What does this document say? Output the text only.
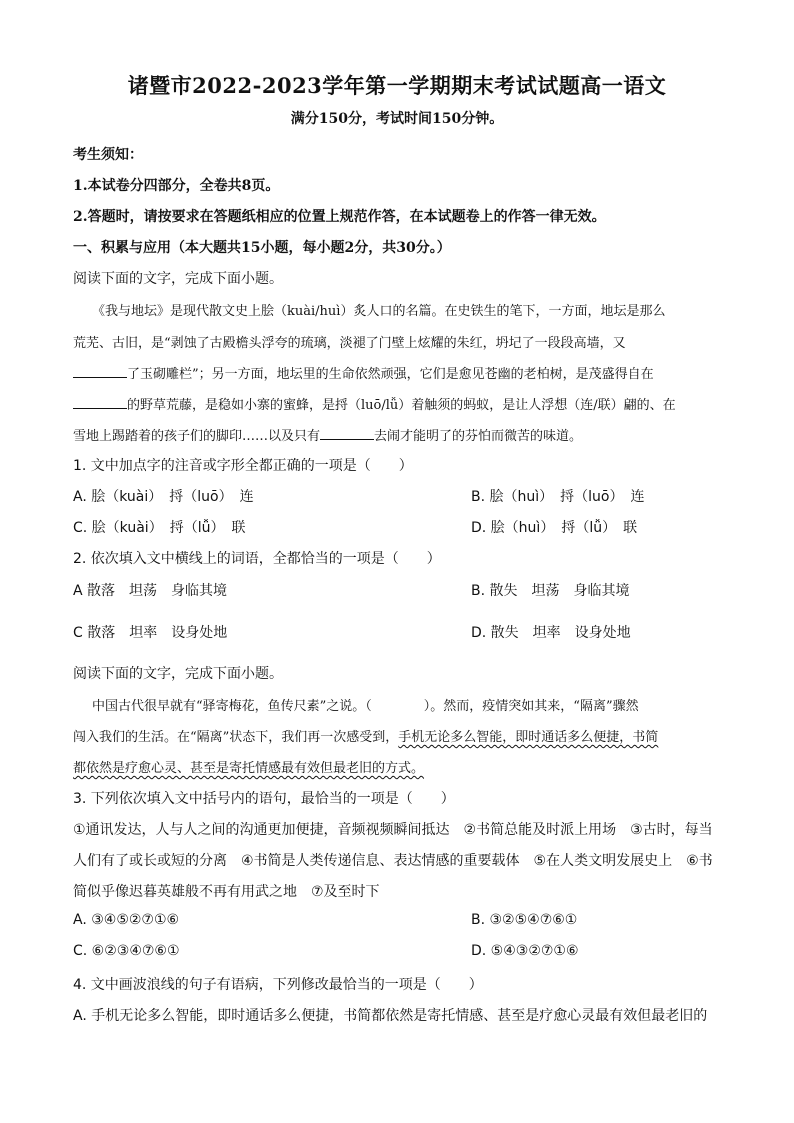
诸暨市2022-2023学年第一学期期末考试试题高一语文
满分150分，考试时间150分钟。
考生须知：
1.本试卷分四部分，全卷共8页。
2.答题时，请按要求在答题纸相应的位置上规范作答，在本试题卷上的作答一律无效。
一、积累与应用（本大题共15小题，每小题2分，共30分。）
阅读下面的文字，完成下面小题。
《我与地坛》是现代散文史上脍（kuài/huì）炙人口的名篇。在史铁生的笔下，一方面，地坛是那么
荒芜、古旧，是“剥蚀了古殿檐头浮夸的琉璃，淡褪了门壁上炫耀的朱红，坍圮了一段段高墙，又
了玉砌雕栏”；另一方面，地坛里的生命依然顽强，它们是愈见苍幽的老柏树，是茂盛得自在
的野草荒藤，是稳如小寨的蜜蜂，是捋（luō/lǚ）着触须的蚂蚁，是让人浮想（连/联）翩的、在
雪地上踢踏着的孩子们的脚印……以及只有	去闹才能明了的芬怕而微苦的味道。
1. 文中加点字的注音或字形全都正确的一项是（　　）
A. 脍（kuài）　捋（luō）　连	B. 脍（huì）　捋（luō）　连
C. 脍（kuài）　捋（lǚ）　联	D. 脍（huì）　捋（lǚ）　联
2. 依次填入文中横线上的词语，全都恰当的一项是（　　）
A 散落　坦荡　身临其境	B. 散失　坦荡　身临其境
C 散落　坦率　设身处地	D. 散失　坦率　设身处地
阅读下面的文字，完成下面小题。
中国古代很早就有“驿寄梅花，鱼传尺素”之说。（　　　　）。然而，疫情突如其来，“隔离”骤然
闯入我们的生活。在“隔离”状态下，我们再一次感受到，手机无论多么智能，即时通话多么便捷，书简
都依然是疗愈心灵、甚至是寄托情感最有效但最老旧的方式。
3. 下列依次填入文中括号内的语句，最恰当的一项是（　　）
①通讯发达，人与人之间的沟通更加便捷，音频视频瞬间抵达　②书简总能及时派上用场　③古时，每当
人们有了或长或短的分离　④书简是人类传递信息、表达情感的重要载体　⑤在人类文明发展史上　⑥书
简似乎像迟暮英雄般不再有用武之地　⑦及至时下
A. ③④⑤②⑦①⑥	B. ③②⑤④⑦⑥①
C. ⑥②③④⑦⑥①	D. ⑤④③②⑦①⑥
4. 文中画波浪线的句子有语病，下列修改最恰当的一项是（　　）
A. 手机无论多么智能，即时通话多么便捷，书简都依然是寄托情感、甚至是疗愈心灵最有效但最老旧的
